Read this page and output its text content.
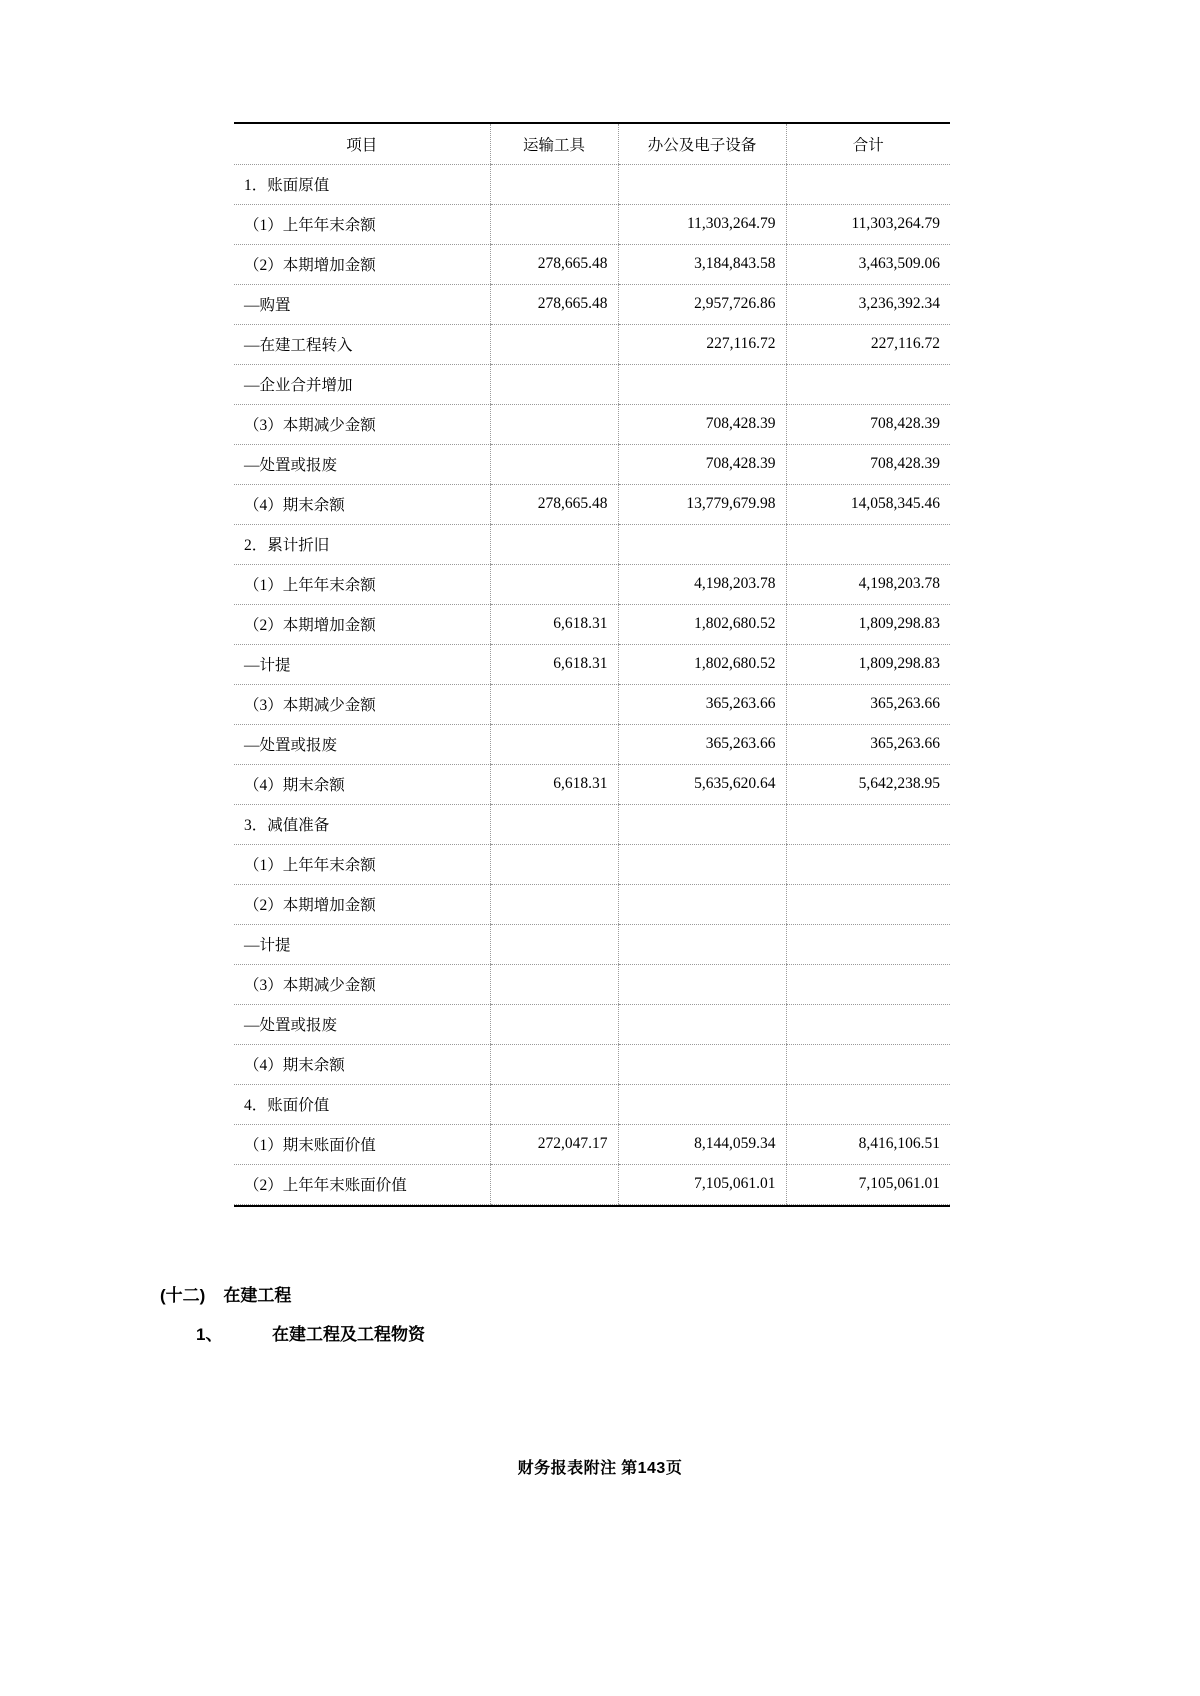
项目	运输工具	办公及电子设备	合计
1．账面原值			
（1）上年年末余额		11,303,264.79	11,303,264.79
（2）本期增加金额	278,665.48	3,184,843.58	3,463,509.06
—购置	278,665.48	2,957,726.86	3,236,392.34
—在建工程转入		227,116.72	227,116.72
—企业合并增加			
（3）本期减少金额		708,428.39	708,428.39
—处置或报废		708,428.39	708,428.39
（4）期末余额	278,665.48	13,779,679.98	14,058,345.46
2．累计折旧			
（1）上年年末余额		4,198,203.78	4,198,203.78
（2）本期增加金额	6,618.31	1,802,680.52	1,809,298.83
—计提	6,618.31	1,802,680.52	1,809,298.83
（3）本期减少金额		365,263.66	365,263.66
—处置或报废		365,263.66	365,263.66
（4）期末余额	6,618.31	5,635,620.64	5,642,238.95
3．减值准备			
（1）上年年末余额			
（2）本期增加金额			
—计提			
（3）本期减少金额			
—处置或报废			
（4）期末余额			
4．账面价值			
（1）期末账面价值	272,047.17	8,144,059.34	8,416,106.51
（2）上年年末账面价值		7,105,061.01	7,105,061.01
(十二) 在建工程
1、	在建工程及工程物资
财务报表附注 第143页
